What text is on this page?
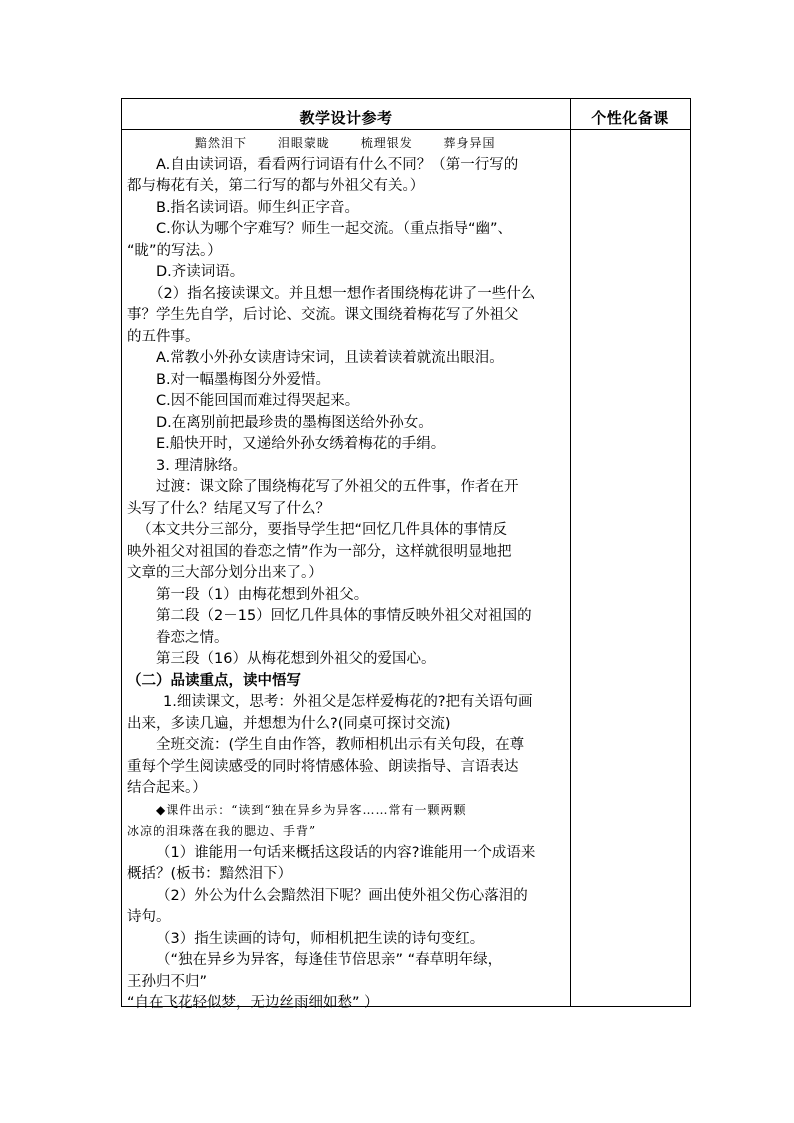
教学设计参考	个性化备课
黯然泪下	泪眼蒙眬	梳理银发	葬身异国
A.自由读词语，看看两行词语有什么不同？（第一行写的
都与梅花有关，第二行写的都与外祖父有关。）
B.指名读词语。师生纠正字音。
C.你认为哪个字难写？师生一起交流。（重点指导“幽”、
“眬”的写法。）
D.齐读词语。
（2）指名接读课文。并且想一想作者围绕梅花讲了一些什么
事？学生先自学，后讨论、交流。课文围绕着梅花写了外祖父
的五件事。
A.常教小外孙女读唐诗宋词，且读着读着就流出眼泪。
B.对一幅墨梅图分外爱惜。
C.因不能回国而难过得哭起来。
D.在离别前把最珍贵的墨梅图送给外孙女。
E.船快开时，又递给外孙女绣着梅花的手绢。
3. 理清脉络。
过渡：课文除了围绕梅花写了外祖父的五件事，作者在开
头写了什么？结尾又写了什么？
（本文共分三部分，要指导学生把“回忆几件具体的事情反
映外祖父对祖国的眷恋之情”作为一部分，这样就很明显地把
文章的三大部分划分出来了。）
第一段（1）由梅花想到外祖父。
第二段（2－15）回忆几件具体的事情反映外祖父对祖国的
眷恋之情。
第三段（16）从梅花想到外祖父的爱国心。
（二）品读重点，读中悟写
1.细读课文，思考：外祖父是怎样爱梅花的?把有关语句画
出来，多读几遍，并想想为什么?(同桌可探讨交流)
全班交流：(学生自由作答，教师相机出示有关句段，在尊
重每个学生阅读感受的同时将情感体验、朗读指导、言语表达
结合起来。）
◆课件出示：“读到“独在异乡为异客……常有一颗两颗
冰凉的泪珠落在我的腮边、手背”
（1）谁能用一句话来概括这段话的内容?谁能用一个成语来
概括？(板书：黯然泪下）
（2）外公为什么会黯然泪下呢？画出使外祖父伤心落泪的
诗句。
（3）指生读画的诗句，师相机把生读的诗句变红。
（“独在异乡为异客，每逢佳节倍思亲” “春草明年绿，
王孙归不归”
“自在飞花轻似梦，无边丝雨细如愁” ）
